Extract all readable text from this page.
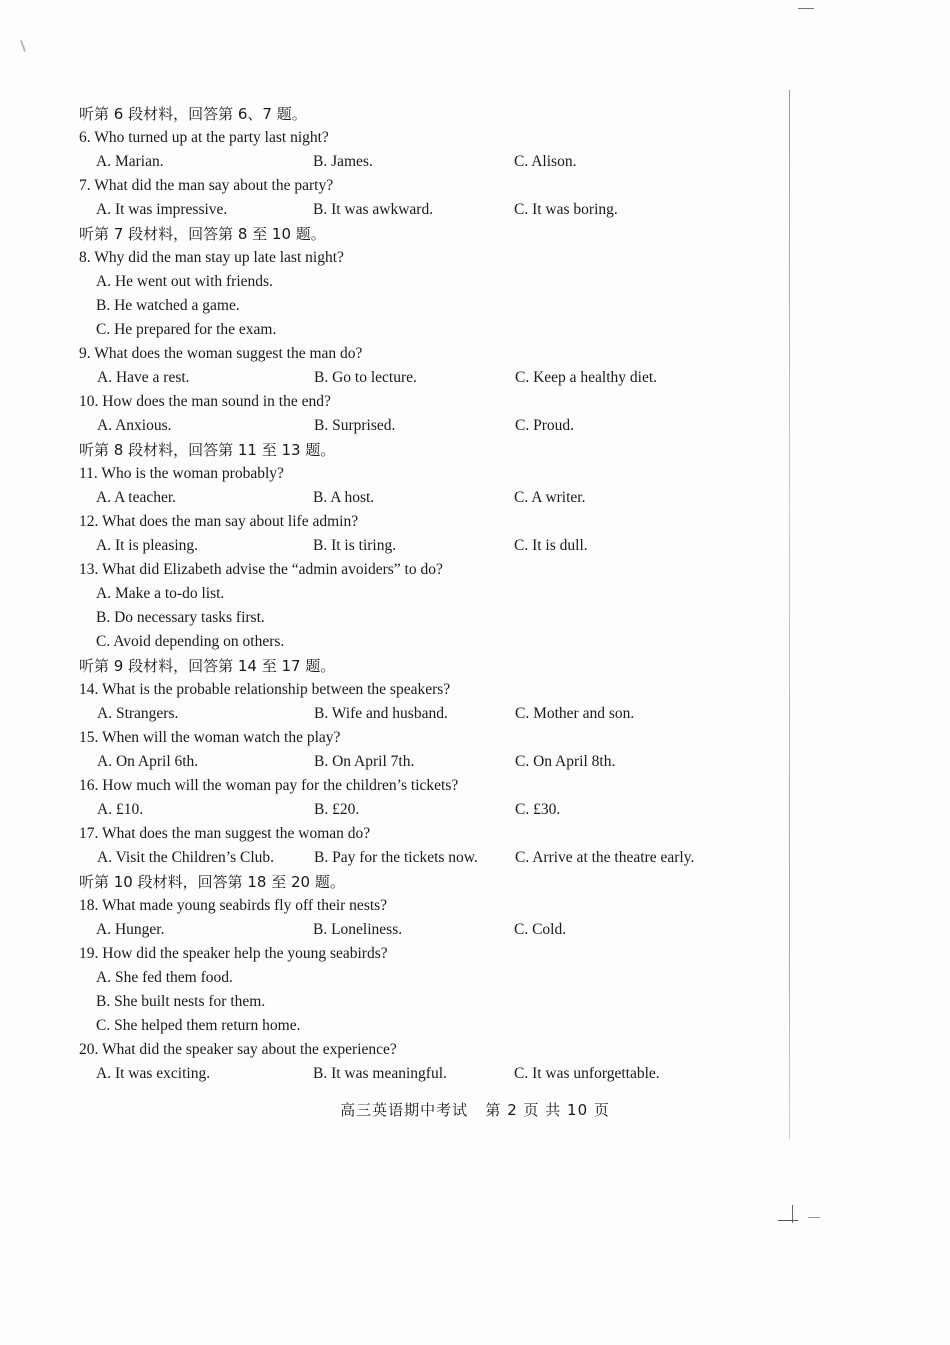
听第 6 段材料，回答第 6、7 题。
6. Who turned up at the party last night?
A. Marian.	B. James.	C. Alison.
7. What did the man say about the party?
A. It was impressive.	B. It was awkward.	C. It was boring.
听第 7 段材料，回答第 8 至 10 题。
8. Why did the man stay up late last night?
A. He went out with friends.
B. He watched a game.
C. He prepared for the exam.
9. What does the woman suggest the man do?
A. Have a rest.	B. Go to lecture.	C. Keep a healthy diet.
10. How does the man sound in the end?
A. Anxious.	B. Surprised.	C. Proud.
听第 8 段材料，回答第 11 至 13 题。
11. Who is the woman probably?
A. A teacher.	B. A host.	C. A writer.
12. What does the man say about life admin?
A. It is pleasing.	B. It is tiring.	C. It is dull.
13. What did Elizabeth advise the “admin avoiders” to do?
A. Make a to-do list.
B. Do necessary tasks first.
C. Avoid depending on others.
听第 9 段材料，回答第 14 至 17 题。
14. What is the probable relationship between the speakers?
A. Strangers.	B. Wife and husband.	C. Mother and son.
15. When will the woman watch the play?
A. On April 6th.	B. On April 7th.	C. On April 8th.
16. How much will the woman pay for the children’s tickets?
A. £10.	B. £20.	C. £30.
17. What does the man suggest the woman do?
A. Visit the Children’s Club.	B. Pay for the tickets now. C. Arrive at the theatre early.
听第 10 段材料，回答第 18 至 20 题。
18. What made young seabirds fly off their nests?
A. Hunger.	B. Loneliness.	C. Cold.
19. How did the speaker help the young seabirds?
A. She fed them food.
B. She built nests for them.
C. She helped them return home.
20. What did the speaker say about the experience?
A. It was exciting.	B. It was meaningful.	C. It was unforgettable.
高三英语期中考试 第 2 页 共 10 页
